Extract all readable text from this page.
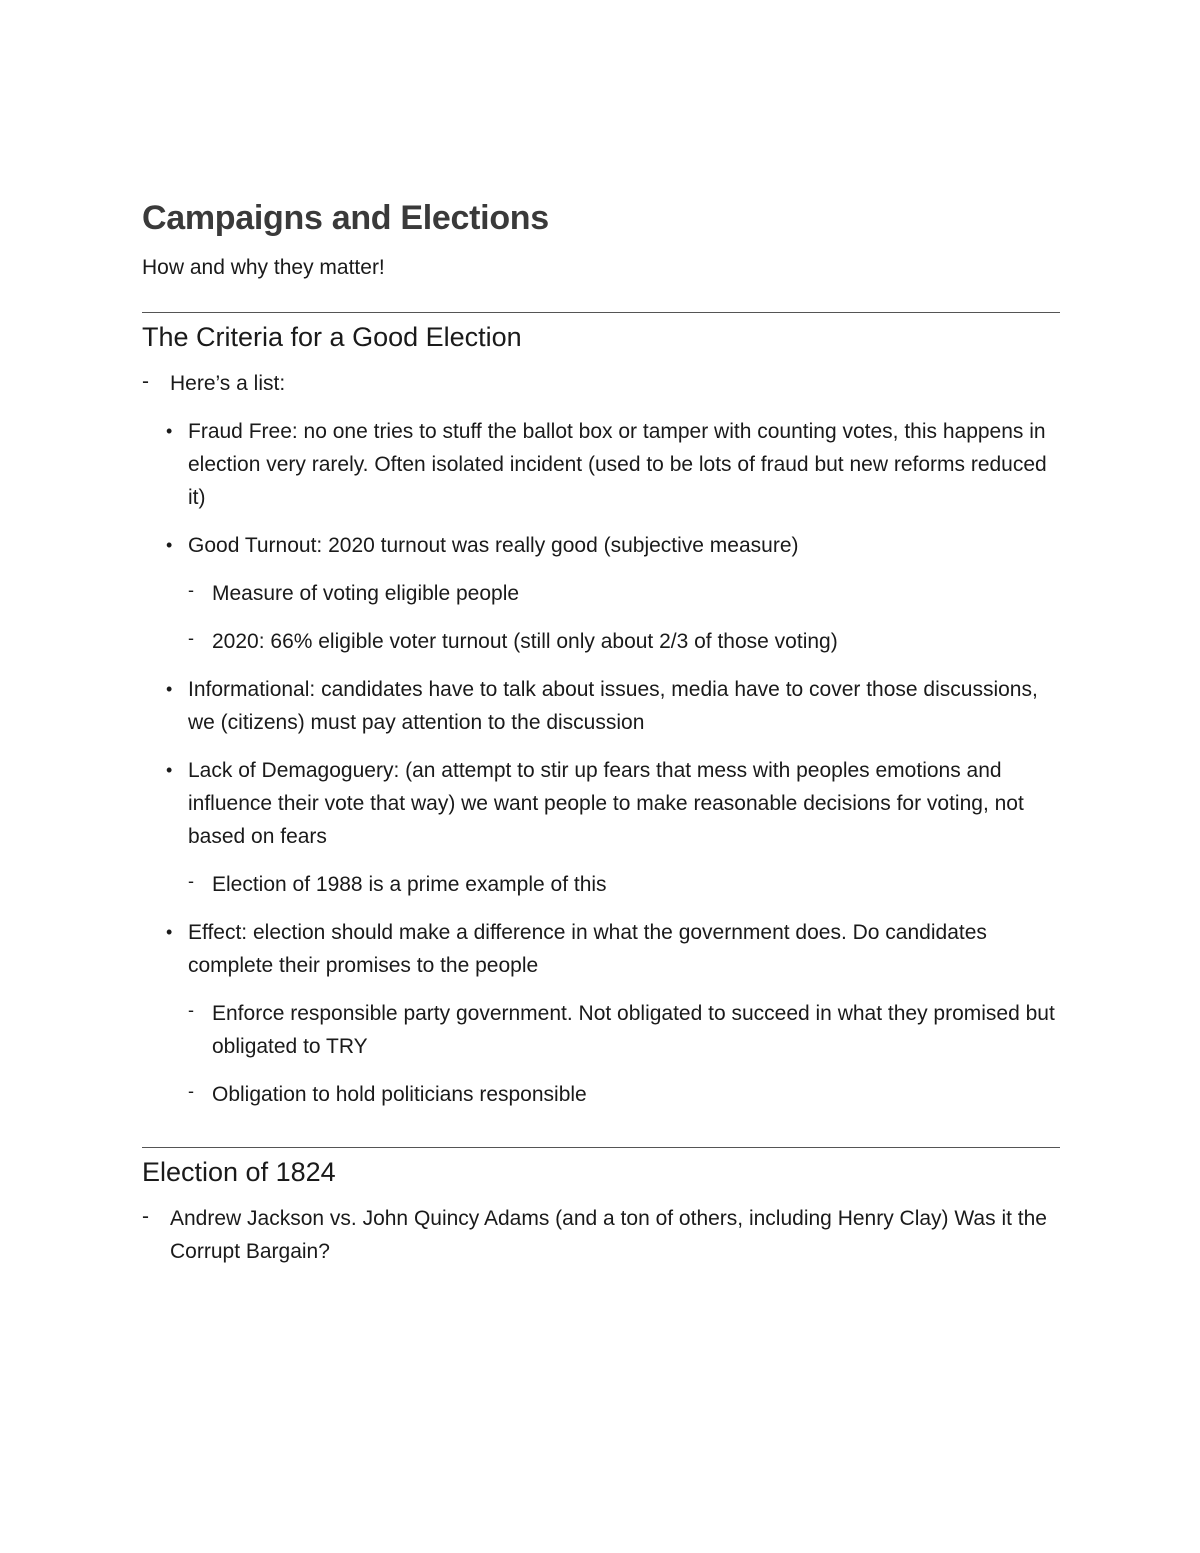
Campaigns and Elections

How and why they matter!

The Criteria for a Good Election
- Here’s a list:
• Fraud Free: no one tries to stuff the ballot box or tamper with counting votes, this happens in election very rarely. Often isolated incident (used to be lots of fraud but new reforms reduced it)
• Good Turnout: 2020 turnout was really good (subjective measure)
- Measure of voting eligible people
- 2020: 66% eligible voter turnout (still only about 2/3 of those voting)
• Informational: candidates have to talk about issues, media have to cover those discussions, we (citizens) must pay attention to the discussion
• Lack of Demagoguery: (an attempt to stir up fears that mess with peoples emotions and influence their vote that way) we want people to make reasonable decisions for voting, not based on fears
- Election of 1988 is a prime example of this
• Effect: election should make a difference in what the government does. Do candidates complete their promises to the people
- Enforce responsible party government. Not obligated to succeed in what they promised but obligated to TRY
- Obligation to hold politicians responsible
Election of 1824
- Andrew Jackson vs. John Quincy Adams (and a ton of others, including Henry Clay) Was it the Corrupt Bargain?
